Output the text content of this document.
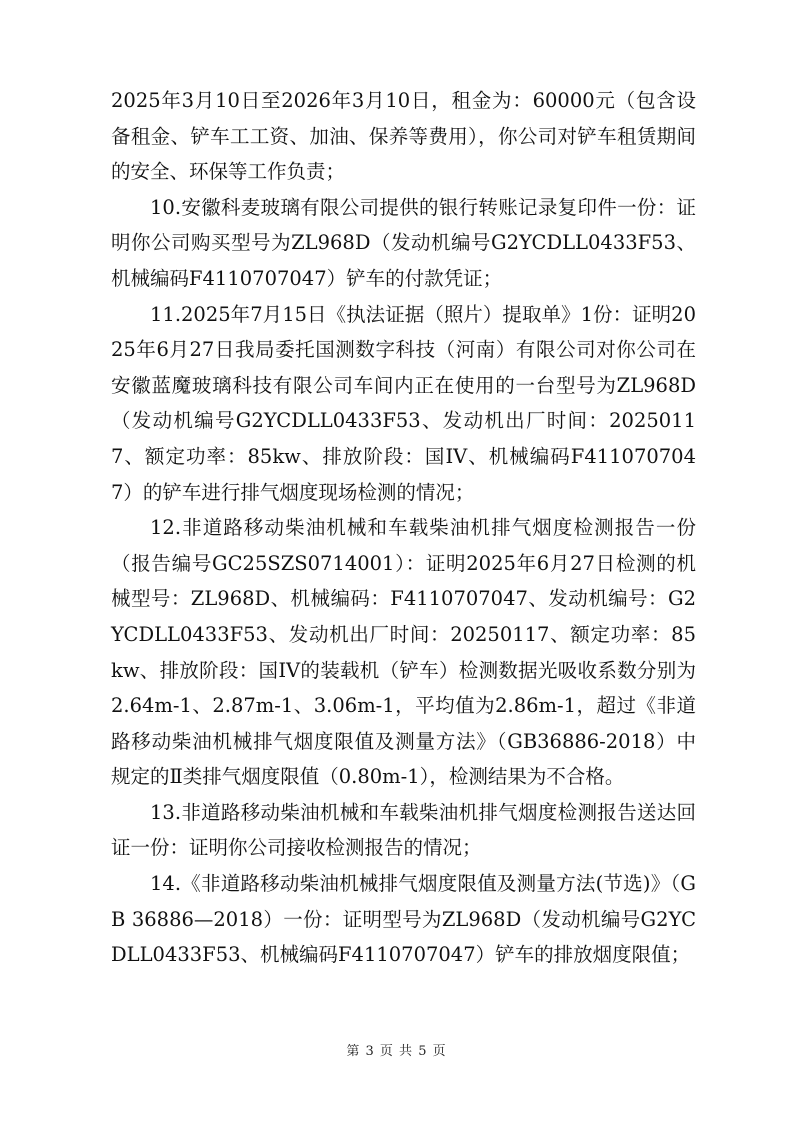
2025年3月10日至2026年3月10日，租金为：60000元（包含设备租金、铲车工工资、加油、保养等费用），你公司对铲车租赁期间的安全、环保等工作负责；

10.安徽科麦玻璃有限公司提供的银行转账记录复印件一份：证明你公司购买型号为ZL968D（发动机编号G2YCDLL0433F53、机械编码F4110707047）铲车的付款凭证；

11.2025年7月15日《执法证据（照片）提取单》1份：证明2025年6月27日我局委托国测数字科技（河南）有限公司对你公司在安徽蓝魔玻璃科技有限公司车间内正在使用的一台型号为ZL968D（发动机编号G2YCDLL0433F53、发动机出厂时间：20250117、额定功率：85kw、排放阶段：国IV、机械编码F4110707047）的铲车进行排气烟度现场检测的情况；

12.非道路移动柴油机械和车载柴油机排气烟度检测报告一份（报告编号GC25SZS0714001）：证明2025年6月27日检测的机械型号：ZL968D、机械编码：F4110707047、发动机编号：G2YCDLL0433F53、发动机出厂时间：20250117、额定功率：85kw、排放阶段：国IV的装载机（铲车）检测数据光吸收系数分别为2.64m-1、2.87m-1、3.06m-1，平均值为2.86m-1，超过《非道路移动柴油机械排气烟度限值及测量方法》（GB36886-2018）中规定的Ⅱ类排气烟度限值（0.80m-1），检测结果为不合格。

13.非道路移动柴油机械和车载柴油机排气烟度检测报告送达回证一份：证明你公司接收检测报告的情况；

14.《非道路移动柴油机械排气烟度限值及测量方法(节选)》（GB 36886—2018）一份：证明型号为ZL968D（发动机编号G2YCDLL0433F53、机械编码F4110707047）铲车的排放烟度限值；

第 3 页 共 5 页
